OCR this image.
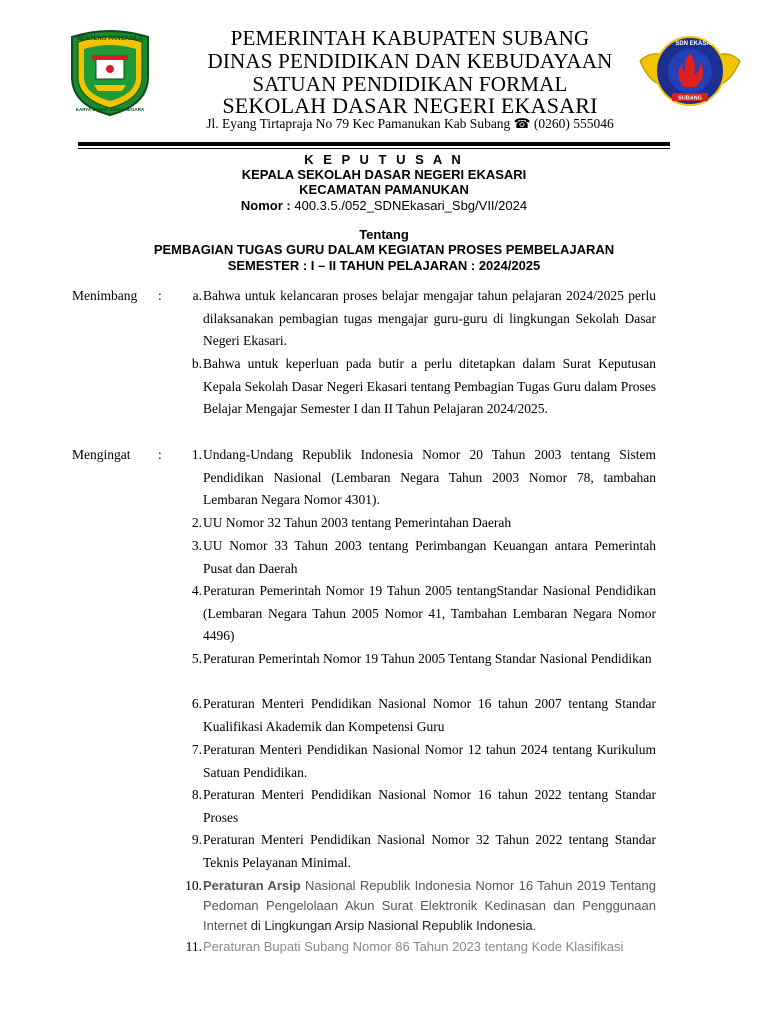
BENTENG PANCASILA
KARYA UTAMA SATYA NEGARA
PEMERINTAH KABUPATEN SUBANG
DINAS PENDIDIKAN DAN KEBUDAYAAN
SATUAN PENDIDIKAN FORMAL
SEKOLAH DASAR NEGERI EKASARI
Jl. Eyang Tirtapraja No 79 Kec Pamanukan Kab Subang ☎ (0260) 555046
SUBANG
SDN EKASARI
K E P U T U S A N
KEPALA SEKOLAH DASAR NEGERI EKASARI
KECAMATAN PAMANUKAN
Nomor : 400.3.5./052_SDNEkasari_Sbg/VII/2024
Tentang
PEMBAGIAN TUGAS GURU DALAM KEGIATAN PROSES PEMBELAJARAN
SEMESTER : I – II TAHUN PELAJARAN : 2024/2025
Menimbang :	a. Bahwa untuk kelancaran proses belajar mengajar tahun pelajaran 2024/2025 perlu dilaksanakan pembagian tugas mengajar guru-guru di lingkungan Sekolah Dasar Negeri Ekasari.
b. Bahwa untuk keperluan pada butir a perlu ditetapkan dalam Surat Keputusan Kepala Sekolah Dasar Negeri Ekasari tentang Pembagian Tugas Guru dalam Proses Belajar Mengajar Semester I dan II Tahun Pelajaran 2024/2025.
Mengingat :	1. Undang-Undang Republik Indonesia Nomor 20 Tahun 2003 tentang Sistem Pendidikan Nasional (Lembaran Negara Tahun 2003 Nomor 78, tambahan Lembaran Negara Nomor 4301).
2. UU Nomor 32 Tahun 2003 tentang Pemerintahan Daerah
3. UU Nomor 33 Tahun 2003 tentang Perimbangan Keuangan antara Pemerintah Pusat dan Daerah
4. Peraturan Pemerintah Nomor 19 Tahun 2005 tentangStandar Nasional Pendidikan (Lembaran Negara Tahun 2005 Nomor 41, Tambahan Lembaran Negara Nomor 4496)
5. Peraturan Pemerintah Nomor 19 Tahun 2005 Tentang Standar Nasional Pendidikan
6. Peraturan Menteri Pendidikan Nasional Nomor 16 tahun 2007 tentang Standar Kualifikasi Akademik dan Kompetensi Guru
7. Peraturan Menteri Pendidikan Nasional Nomor 12 tahun 2024 tentang Kurikulum Satuan Pendidikan.
8. Peraturan Menteri Pendidikan Nasional Nomor 16 tahun 2022 tentang Standar Proses
9. Peraturan Menteri Pendidikan Nasional Nomor 32 Tahun 2022 tentang Standar Teknis Pelayanan Minimal.
10. Peraturan Arsip Nasional Republik Indonesia Nomor 16 Tahun 2019 Tentang Pedoman Pengelolaan Akun Surat Elektronik Kedinasan dan Penggunaan Internet di Lingkungan Arsip Nasional Republik Indonesia.
11. Peraturan Bupati Subang Nomor 86 Tahun 2023 tentang Kode Klasifikasi
